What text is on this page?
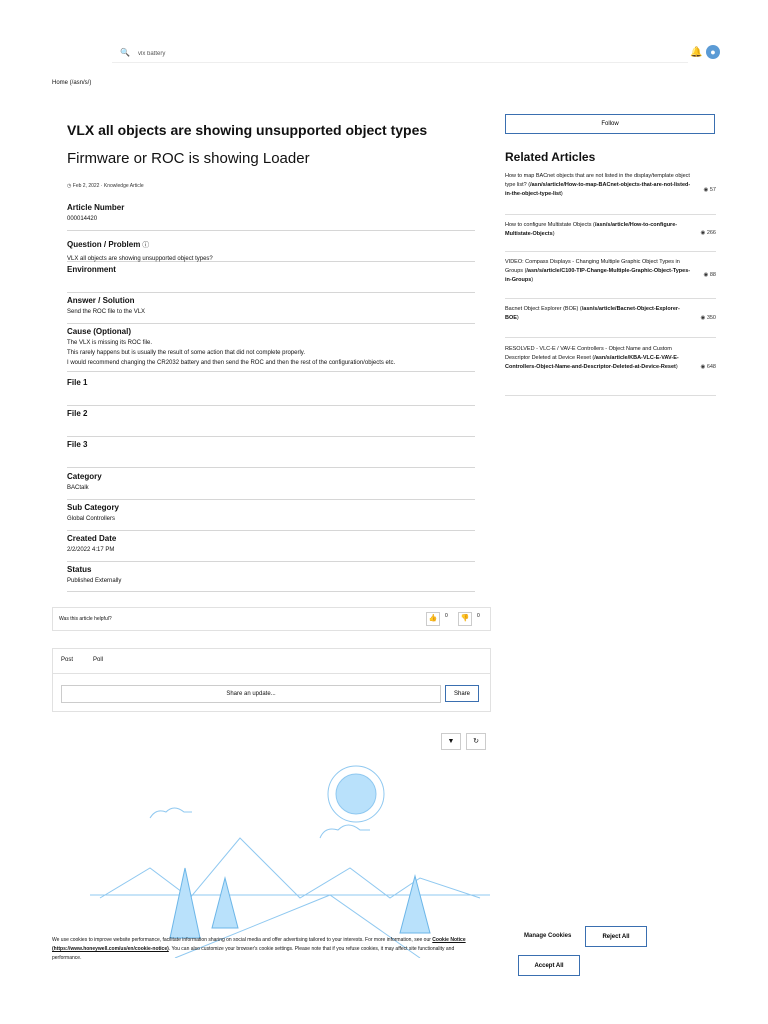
🔍
vlx battery	🔔 ●
Home (/asn/s/)
VLX all objects are showing unsupported object types
Firmware or ROC is showing Loader
◷ Feb 2, 2022 · Knowledge Article
Article Number
000014420
Question / Problem ⓘ
VLX all objects are showing unsupported object types?
Environment
Answer / Solution
Send the ROC file to the VLX
Cause (Optional)
The VLX is missing its ROC file.
This rarely happens but is usually the result of some action that did not complete properly.
I would recommend changing the CR2032 battery and then send the ROC and then the rest of the configuration/objects etc.
File 1
File 2
File 3
Category
BACtalk
Sub Category
Global Controllers
Created Date
2/2/2022 4:17 PM
Status
Published Externally
Follow
Related Articles
How to map BACnet objects that are not listed in the display/template object type list? (/asn/s/article/How-to-map-BACnet-objects-that-are-not-listed-in-the-object-type-list)
◉ 57
How to configure Multistate Objects (/asn/s/article/How-to-configure-Multistate-Objects)	◉ 266
VIDEO: Compass Displays - Changing Multiple Graphic Object Types in Groups (/asn/s/article/C100-TIP-Change-Multiple-Graphic-Object-Types-in-Groups)
◉ 88
Bacnet Object Explorer (BOE) (/asn/s/article/Bacnet-Object-Explorer-BOE)	◉ 350
RESOLVED - VLC-E / VAV-E Controllers - Object Name and Custom Descriptor Deleted at Device Reset (/asn/s/article/KBA-VLC-E-VAV-E-Controllers-Object-Name-and-Descriptor-Deleted-at-Device-Reset)	◉ 648
Was this article helpful?	👍	0	👎	0
Post	Poll
Share an update...	Share
▼	↻
We use cookies to improve website performance, facilitate information sharing on social media and offer advertising tailored to your interests. For more information, see our Cookie Notice (https://www.honeywell.com/us/en/cookie-notice). You can also customize your browser's cookie settings. Please note that if you refuse cookies, it may affect site functionality and performance.
Manage Cookies	Reject All
Accept All
